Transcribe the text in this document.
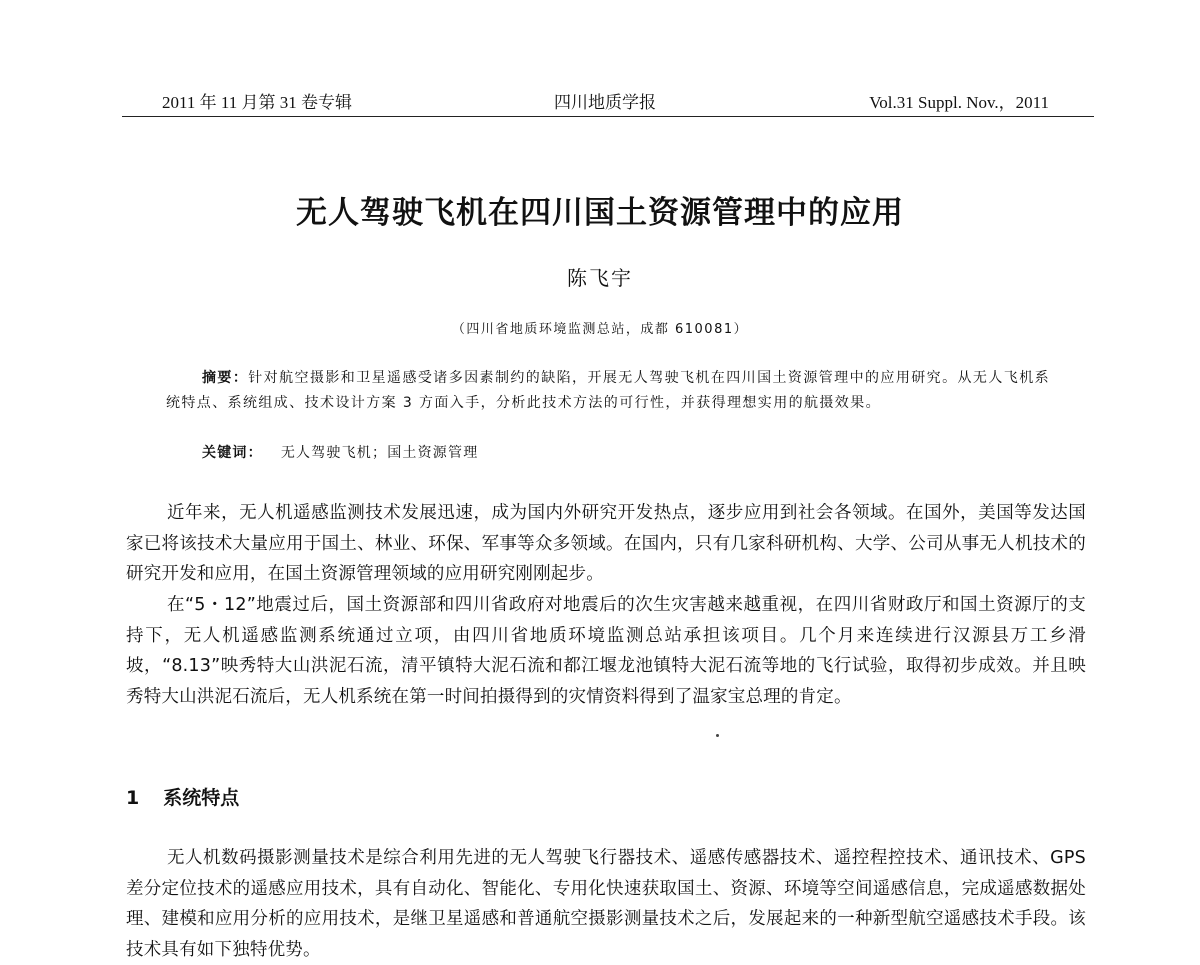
2011 年 11 月第 31 卷专辑	四川地质学报	Vol.31 Suppl. Nov.，2011
无人驾驶飞机在四川国土资源管理中的应用
陈飞宇
（四川省地质环境监测总站，成都 610081）
摘要：针对航空摄影和卫星遥感受诸多因素制约的缺陷，开展无人驾驶飞机在四川国土资源管理中的应用研究。从无人飞机系统特点、系统组成、技术设计方案 3 方面入手，分析此技术方法的可行性，并获得理想实用的航摄效果。
关键词： 无人驾驶飞机；国土资源管理
近年来，无人机遥感监测技术发展迅速，成为国内外研究开发热点，逐步应用到社会各领域。在国外，美国等发达国家已将该技术大量应用于国土、林业、环保、军事等众多领域。在国内，只有几家科研机构、大学、公司从事无人机技术的研究开发和应用，在国土资源管理领域的应用研究刚刚起步。
在“5・12”地震过后，国土资源部和四川省政府对地震后的次生灾害越来越重视，在四川省财政厅和国土资源厅的支持下，无人机遥感监测系统通过立项，由四川省地质环境监测总站承担该项目。几个月来连续进行汉源县万工乡滑坡，“8.13”映秀特大山洪泥石流，清平镇特大泥石流和都江堰龙池镇特大泥石流等地的飞行试验，取得初步成效。并且映秀特大山洪泥石流后，无人机系统在第一时间拍摄得到的灾情资料得到了温家宝总理的肯定。
1 系统特点
无人机数码摄影测量技术是综合利用先进的无人驾驶飞行器技术、遥感传感器技术、遥控程控技术、通讯技术、GPS 差分定位技术的遥感应用技术，具有自动化、智能化、专用化快速获取国土、资源、环境等空间遥感信息，完成遥感数据处理、建模和应用分析的应用技术，是继卫星遥感和普通航空摄影测量技术之后，发展起来的一种新型航空遥感技术手段。该技术具有如下独特优势。
